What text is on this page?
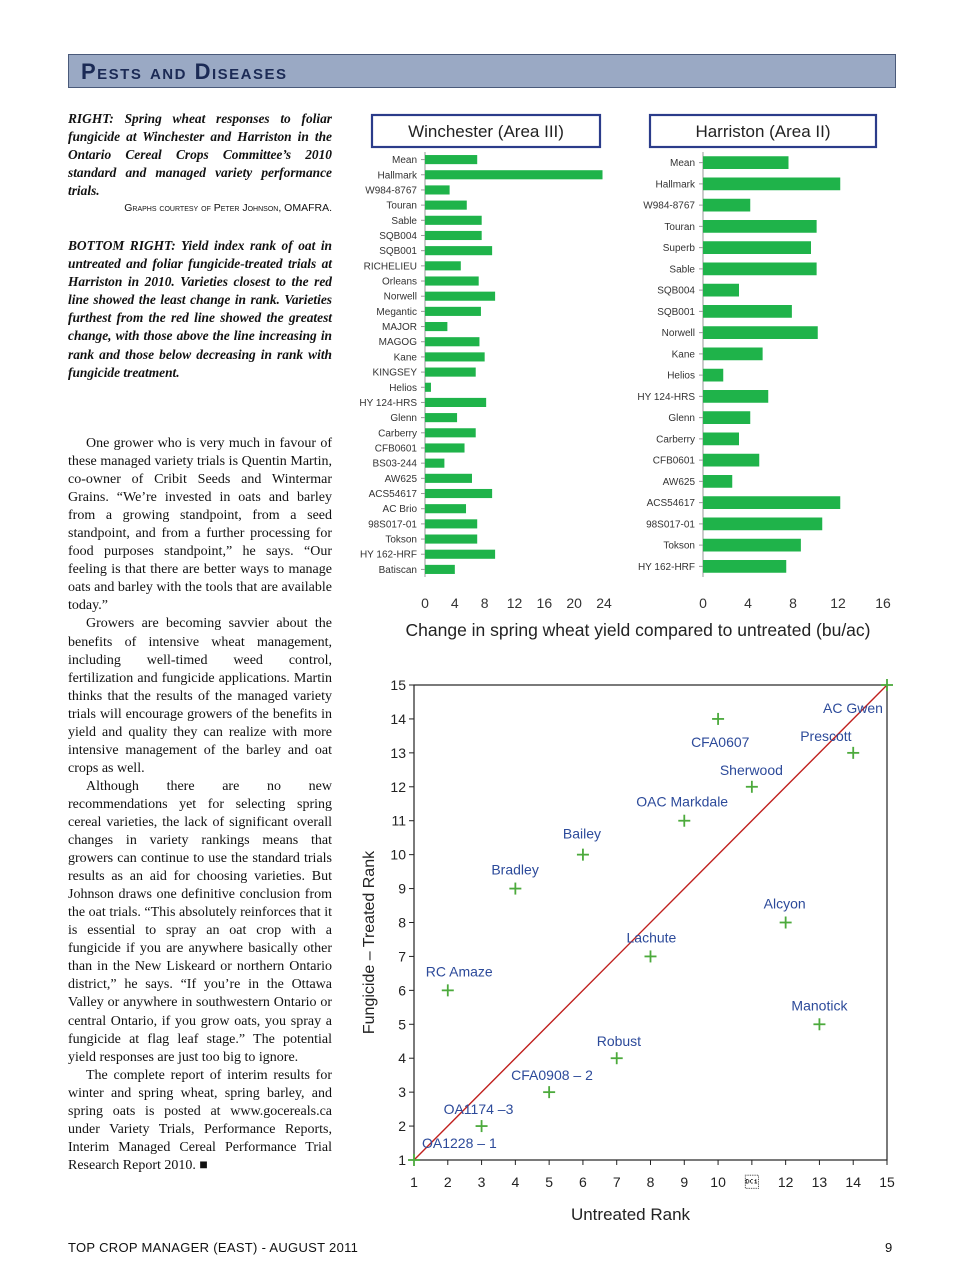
Pests and Diseases

RIGHT: Spring wheat responses to foliar fungicide at Winchester and Harriston in the Ontario Cereal Crops Committee’s 2010 standard and managed variety performance trials.

Graphs courtesy of Peter Johnson, OMAFRA.

BOTTOM RIGHT: Yield index rank of oat in untreated and foliar fungicide-treated trials at Harriston in 2010. Varieties closest to the red line showed the least change in rank. Varieties furthest from the red line showed the greatest change, with those above the line increasing in rank and those below decreasing in rank with fungicide treatment.

One grower who is very much in favour of these managed variety trials is Quentin Martin, co-owner of Cribit Seeds and Wintermar Grains. “We’re invested in oats and barley from a growing standpoint, from a seed standpoint, and from a further processing for food purposes standpoint,” he says. “Our feeling is that there are better ways to manage oats and barley with the tools that are available today.”

Growers are becoming savvier about the benefits of intensive wheat management, including well-timed weed control, fertilization and fungicide applications. Martin thinks that the results of the managed variety trials will encourage growers of the benefits in yield and quality they can realize with more intensive management of the barley and oat crops as well.

Although there are no new recommendations yet for selecting spring cereal varieties, the lack of significant overall changes in variety rankings means that growers can continue to use the standard trials results as an aid for choosing varieties. But Johnson draws one definitive conclusion from the oat trials. “This absolutely reinforces that it is essential to spray an oat crop with a fungicide if you are anywhere basically other than in the New Liskeard or northern Ontario district,” he says. “If you’re in the Ottawa Valley or anywhere in southwestern Ontario or central Ontario, if you grow oats, you spray a fungicide at flag leaf stage.” The potential yield responses are just too big to ignore.

The complete report of interim results for winter and spring wheat, spring barley, and spring oats is posted at www.gocereals.ca under Variety Trials, Performance Reports, Interim Managed Cereal Performance Trial Research Report 2010. ■

Winchester (Area III)
Mean
Hallmark
W984-8767
Touran
Sable
SQB004
SQB001
RICHELIEU
Orleans
Norwell
Megantic
MAJOR
MAGOG
Kane
KINGSEY
Helios
HY 124-HRS
Glenn
Carberry
CFB0601
BS03-244
AW625
ACS54617
AC Brio
98S017-01
Tokson
HY 162-HRF
Batiscan
0 4 8 12 16 20 24
Harriston (Area II)
Mean
Hallmark
W984-8767
Touran
Superb
Sable
SQB004
SQB001
Norwell
Kane
Helios
HY 124-HRS
Glenn
Carberry
CFB0601
AW625
ACS54617
98S017-01
Tokson
HY 162-HRF
0	4	8 12 16
Change in spring wheat yield compared to untreated (bu/ac)
1 2 3 4 5 6 7 8 9 10  12 13 14 15
15
14
13
12
11
10
9
8
7
6
5
4
3
2
1
OA1228 – 1
OA1174 –3
CFA0908 – 2
Robust
Manotick
RC Amaze
Lachute
Alcyon
Bradley
Bailey
OAC Markdale
Sherwood
Prescott
CFA0607
AC Gwen
Untreated Rank
Fungicide – Treated Rank
TOP CROP MANAGER (EAST) - AUGUST 2011	9
